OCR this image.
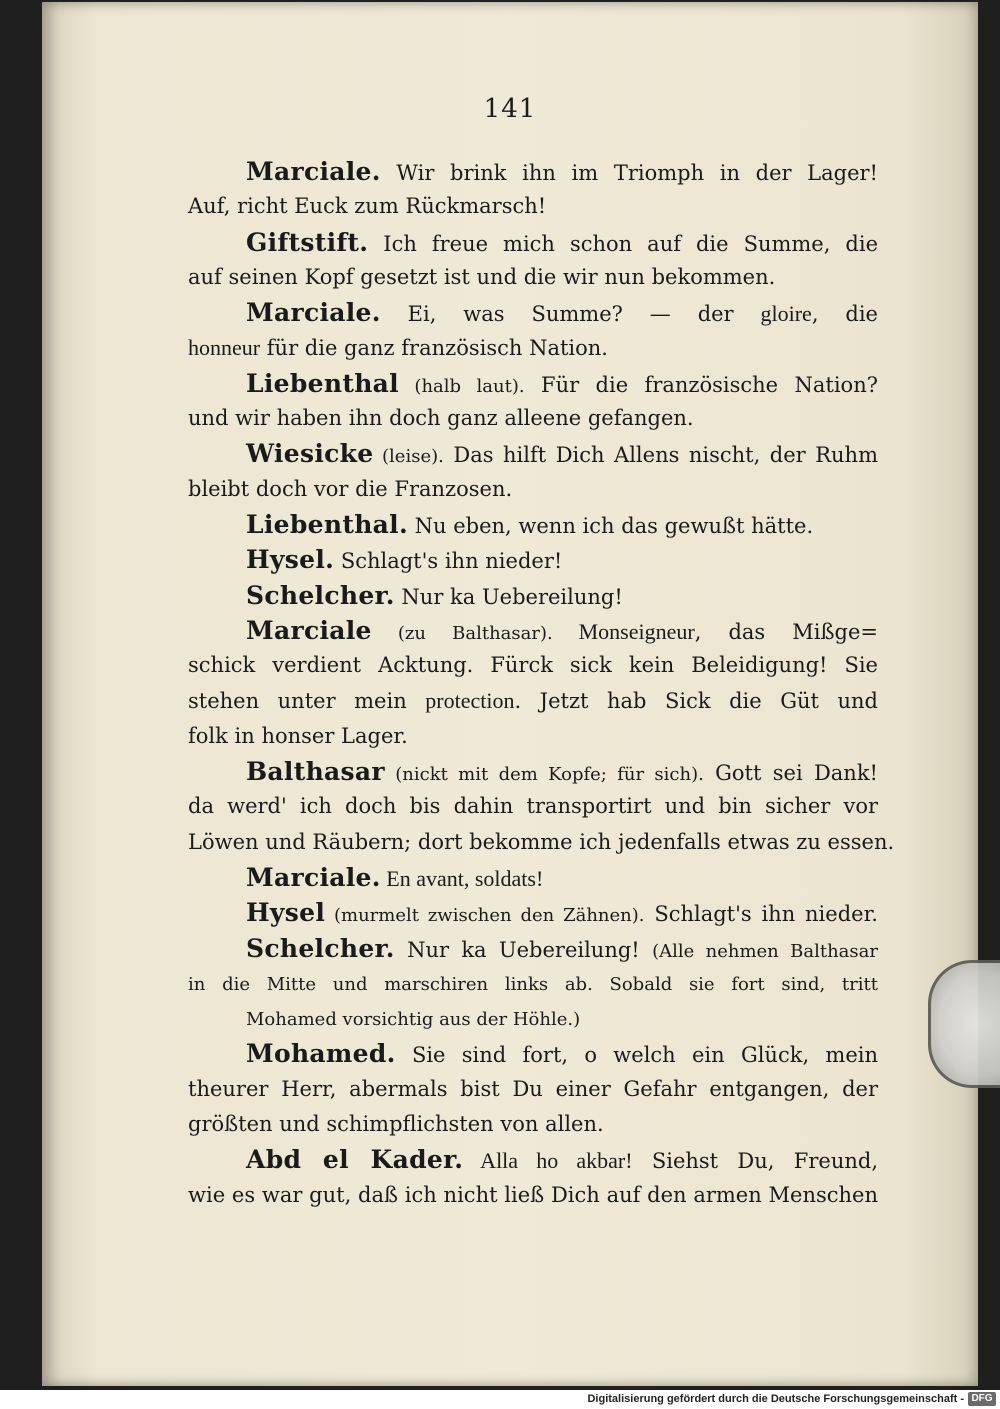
141
Marciale. Wir brink ihn im Triomph in der Lager!
Auf, richt Euck zum Rückmarsch!
Giftstift. Ich freue mich schon auf die Summe, die
auf seinen Kopf gesetzt ist und die wir nun bekommen.
Marciale. Ei, was Summe? — der gloire, die
honneur für die ganz französisch Nation.
Liebenthal (halb laut). Für die französische Nation?
und wir haben ihn doch ganz alleene gefangen.
Wiesicke (leise). Das hilft Dich Allens nischt, der Ruhm
bleibt doch vor die Franzosen.
Liebenthal. Nu eben, wenn ich das gewußt hätte.
Hysel. Schlagt's ihn nieder!
Schelcher. Nur ka Uebereilung!
Marciale (zu Balthasar). Monseigneur, das Mißge=
schick verdient Acktung. Fürck sick kein Beleidigung! Sie
stehen unter mein protection. Jetzt hab Sick die Güt und
folk in honser Lager.
Balthasar (nickt mit dem Kopfe; für sich). Gott sei Dank!
da werd' ich doch bis dahin transportirt und bin sicher vor
Löwen und Räubern; dort bekomme ich jedenfalls etwas zu essen.
Marciale. En avant, soldats!
Hysel (murmelt zwischen den Zähnen). Schlagt's ihn nieder.
Schelcher. Nur ka Uebereilung! (Alle nehmen Balthasar
in die Mitte und marschiren links ab. Sobald sie fort sind, tritt
Mohamed vorsichtig aus der Höhle.)
Mohamed. Sie sind fort, o welch ein Glück, mein
theurer Herr, abermals bist Du einer Gefahr entgangen, der
größten und schimpflichsten von allen.
Abd el Kader. Alla ho akbar! Siehst Du, Freund,
wie es war gut, daß ich nicht ließ Dich auf den armen Menschen
Digitalisierung gefördert durch die Deutsche Forschungsgemeinschaft - DFG
